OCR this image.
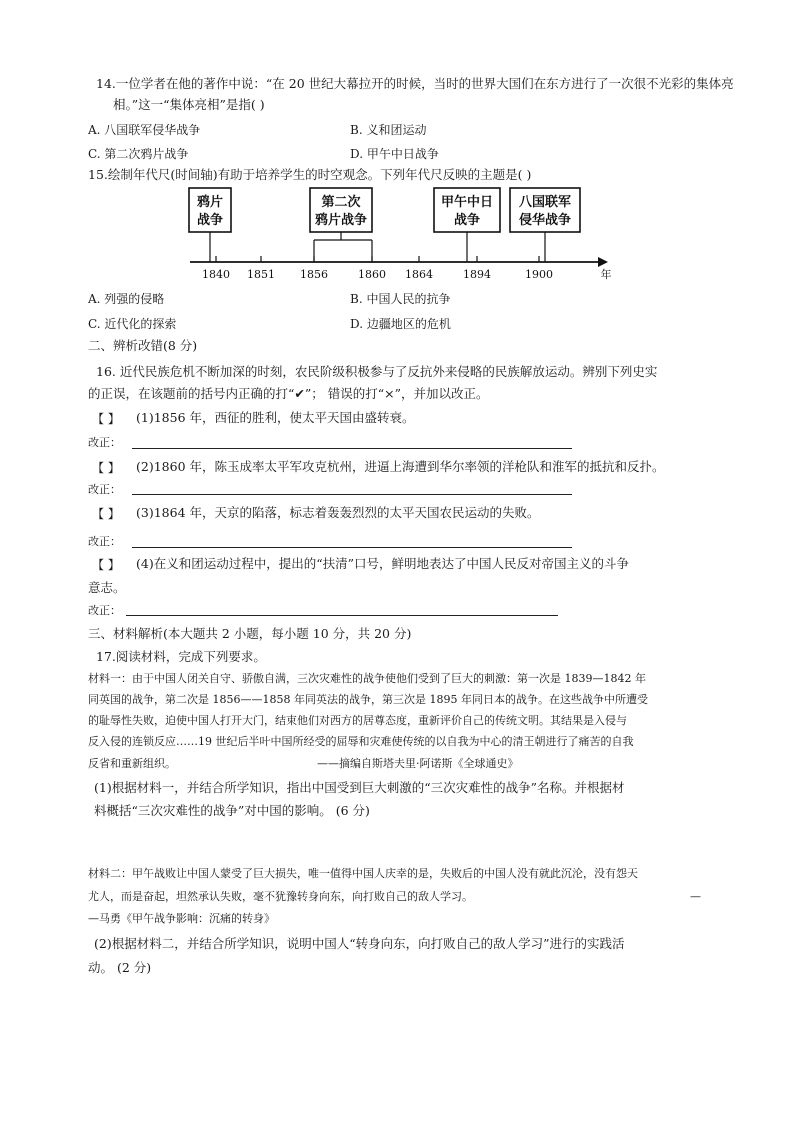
14.一位学者在他的著作中说：“在 20 世纪大幕拉开的时候，当时的世界大国们在东方进行了一次很不光彩的集体亮
相。”这一“集体亮相”是指( )
A. 八国联军侵华战争	B. 义和团运动
C. 第二次鸦片战争	D. 甲午中日战争
15.绘制年代尺(时间轴)有助于培养学生的时空观念。下列年代尺反映的主题是( )
鸦片
战争
第二次
鸦片战争
甲午中日
战争
八国联军
侵华战争
年
1840 1851 1856	1860 1864	1894	1900
A. 列强的侵略	B. 中国人民的抗争
C. 近代化的探索	D. 边疆地区的危机
二、辨析改错(8 分)
16. 近代民族危机不断加深的时刻，农民阶级积极参与了反抗外来侵略的民族解放运动。辨别下列史实
的正误，在该题前的括号内正确的打“✔”； 错误的打“×”，并加以改正。
【 】 (1)1856 年，西征的胜利，使太平天国由盛转衰。
改正：
【 】 (2)1860 年，陈玉成率太平军攻克杭州，进逼上海遭到华尔率领的洋枪队和淮军的抵抗和反扑。
改正：
【 】 (3)1864 年，天京的陷落，标志着轰轰烈烈的太平天国农民运动的失败。
改正：
【 】 (4)在义和团运动过程中，提出的“扶清”口号，鲜明地表达了中国人民反对帝国主义的斗争
意志。
改正：
三、材料解析(本大题共 2 小题，每小题 10 分，共 20 分)
17.阅读材料，完成下列要求。
材料一：由于中国人闭关自守、骄傲自满，三次灾难性的战争使他们受到了巨大的刺激：第一次是 1839—1842 年
同英国的战争，第二次是 1856——1858 年同英法的战争，第三次是 1895 年同日本的战争。在这些战争中所遭受
的耻辱性失败，迫使中国人打开大门，结束他们对西方的居尊态度，重新评价自己的传统文明。其结果是入侵与
反入侵的连锁反应……19 世纪后半叶中国所经受的屈辱和灾难使传统的以自我为中心的清王朝进行了痛苦的自我
反省和重新组织。	——摘编自斯塔夫里·阿诺斯《全球通史》
(1)根据材料一，并结合所学知识，指出中国受到巨大刺激的“三次灾难性的战争”名称。并根据材
料概括“三次灾难性的战争”对中国的影响。 (6 分)
材料二：甲午战败让中国人蒙受了巨大损失，唯一值得中国人庆幸的是，失败后的中国人没有就此沉沦，没有怨天
尤人，而是奋起，坦然承认失败，毫不犹豫转身向东，向打败自己的敌人学习。	—
—马勇《甲午战争影响：沉痛的转身》
(2)根据材料二，并结合所学知识，说明中国人“转身向东，向打败自己的敌人学习”进行的实践活
动。 (2 分)
